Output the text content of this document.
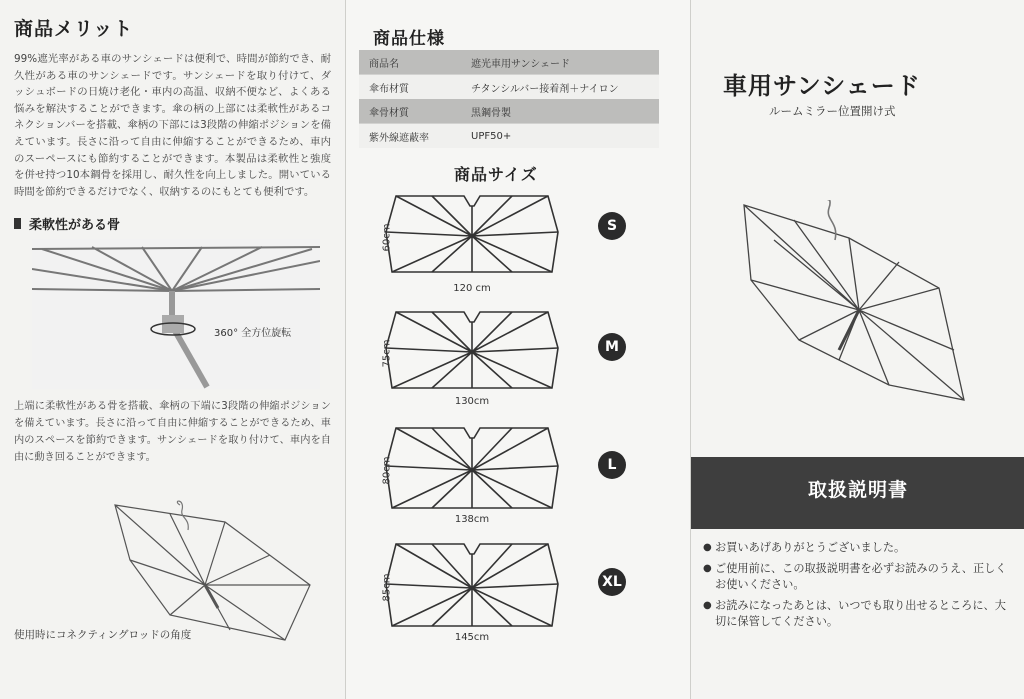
商品メリット

99%遮光率がある車のサンシェードは便利で、時間が節約でき、耐久性がある車のサンシェードです。サンシェードを取り付けて、ダッシュボードの日焼け老化・車内の高温、収納不便など、よくある悩みを解決することができます。傘の柄の上部には柔軟性があるコネクションバーを搭載、傘柄の下部には3段階の伸縮ポジションを備えています。長さに沿って自由に伸縮することができるため、車内のスーペースにも節約することができます。本製品は柔軟性と強度を併せ持つ10本鋼骨を採用し、耐久性を向上しました。開いている時間を節約できるだけでなく、収納するのにもとても便利です。

柔軟性がある骨
360° 全方位旋転

上端に柔軟性がある骨を搭載、傘柄の下端に3段階の伸縮ポジションを備えています。長さに沿って自由に伸縮することができるため、車内のスペースを節約できます。サンシェードを取り付けて、車内を自由に動き回ることができます。

使用時にコネクティングロッドの角度
商品仕様
商品名	遮光車用サンシェード
傘布材質	チタンシルバー接着剤＋ナイロン
傘骨材質	黒鋼骨製
紫外線遮蔽率	UPF50+
商品サイズ
120 cm
60cm	S
130cm
75cm	M
138cm
80cm	L
145cm
85cm	XL
車用サンシェード
ルームミラー位置開け式
取扱説明書
● お買いあげありがとうございました。
● ご使用前に、この取扱説明書を必ずお読みのうえ、正しくお使いください。
● お読みになったあとは、いつでも取り出せるところに、大切に保管してください。
